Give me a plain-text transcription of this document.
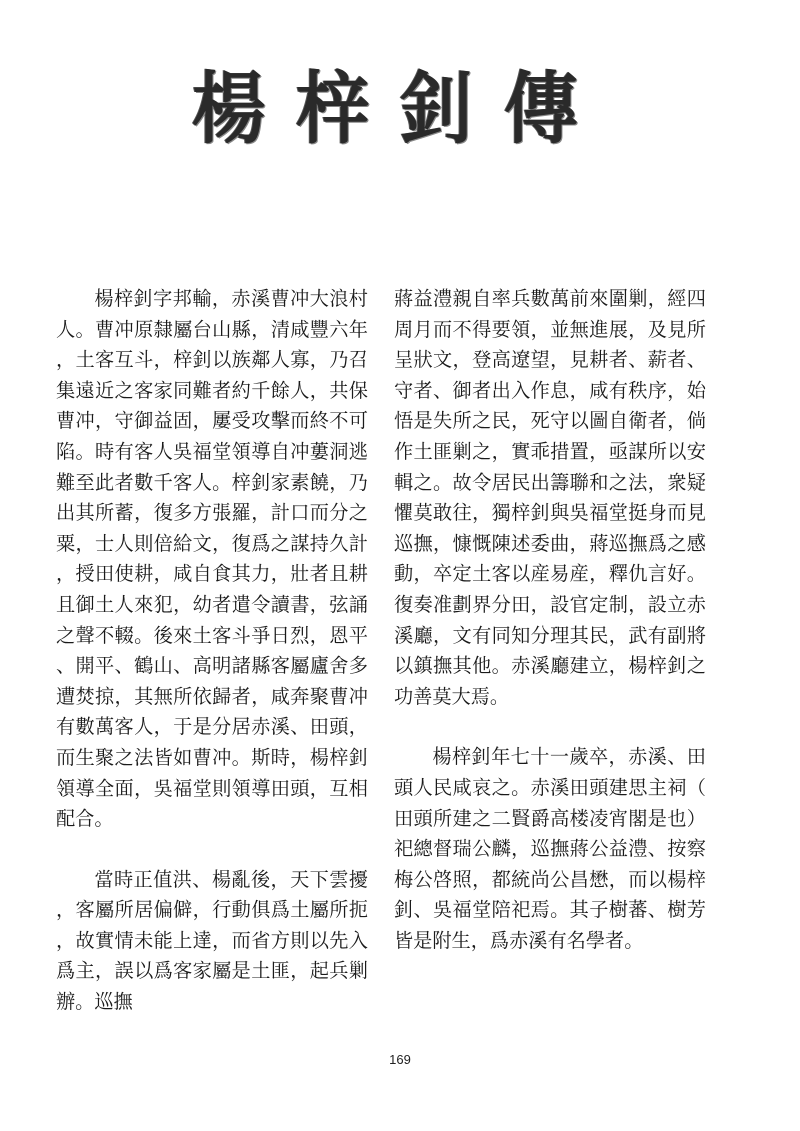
楊梓釗傳

楊梓釗字邦輸，赤溪曹冲大浪村人。曹冲原隸屬台山縣，清咸豐六年，土客互斗，梓釗以族鄰人寡，乃召集遠近之客家同難者約千餘人，共保曹冲，守御益固，屢受攻擊而終不可陷。時有客人吳福堂領導自冲蔞洞逃難至此者數千客人。梓釗家素饒，乃出其所蓄，復多方張羅，計口而分之粟，士人則倍給文，復爲之謀持久計，授田使耕，咸自食其力，壯者且耕且御土人來犯，幼者遣令讀書，弦誦之聲不輟。後來土客斗爭日烈，恩平、開平、鶴山、高明諸縣客屬廬舍多遭焚掠，其無所依歸者，咸奔聚曹冲有數萬客人，于是分居赤溪、田頭，而生聚之法皆如曹冲。斯時，楊梓釗領導全面，吳福堂則領導田頭，互相配合。

當時正值洪、楊亂後，天下雲擾，客屬所居偏僻，行動俱爲土屬所扼，故實情未能上達，而省方則以先入爲主，誤以爲客家屬是土匪，起兵剿辦。巡撫

蔣益澧親自率兵數萬前來圍剿，經四周月而不得要領，並無進展，及見所呈狀文，登高遼望，見耕者、薪者、守者、御者出入作息，咸有秩序，始悟是失所之民，死守以圖自衛者，倘作土匪剿之，實乖措置，亟謀所以安輯之。故令居民出籌聯和之法，衆疑懼莫敢往，獨梓釗與吳福堂挺身而見巡撫，慷慨陳述委曲，蔣巡撫爲之感動，卒定土客以産易産，釋仇言好。復奏准劃界分田，設官定制，設立赤溪廳，文有同知分理其民，武有副將以鎮撫其他。赤溪廳建立，楊梓釗之功善莫大焉。

楊梓釗年七十一歲卒，赤溪、田頭人民咸哀之。赤溪田頭建思主祠（田頭所建之二賢爵高楼凌宵閣是也）祀總督瑞公麟，巡撫蔣公益澧、按察梅公啓照，都統尚公昌懋，而以楊梓釗、吳福堂陪祀焉。其子樹蕃、樹芳皆是附生，爲赤溪有名學者。

169
